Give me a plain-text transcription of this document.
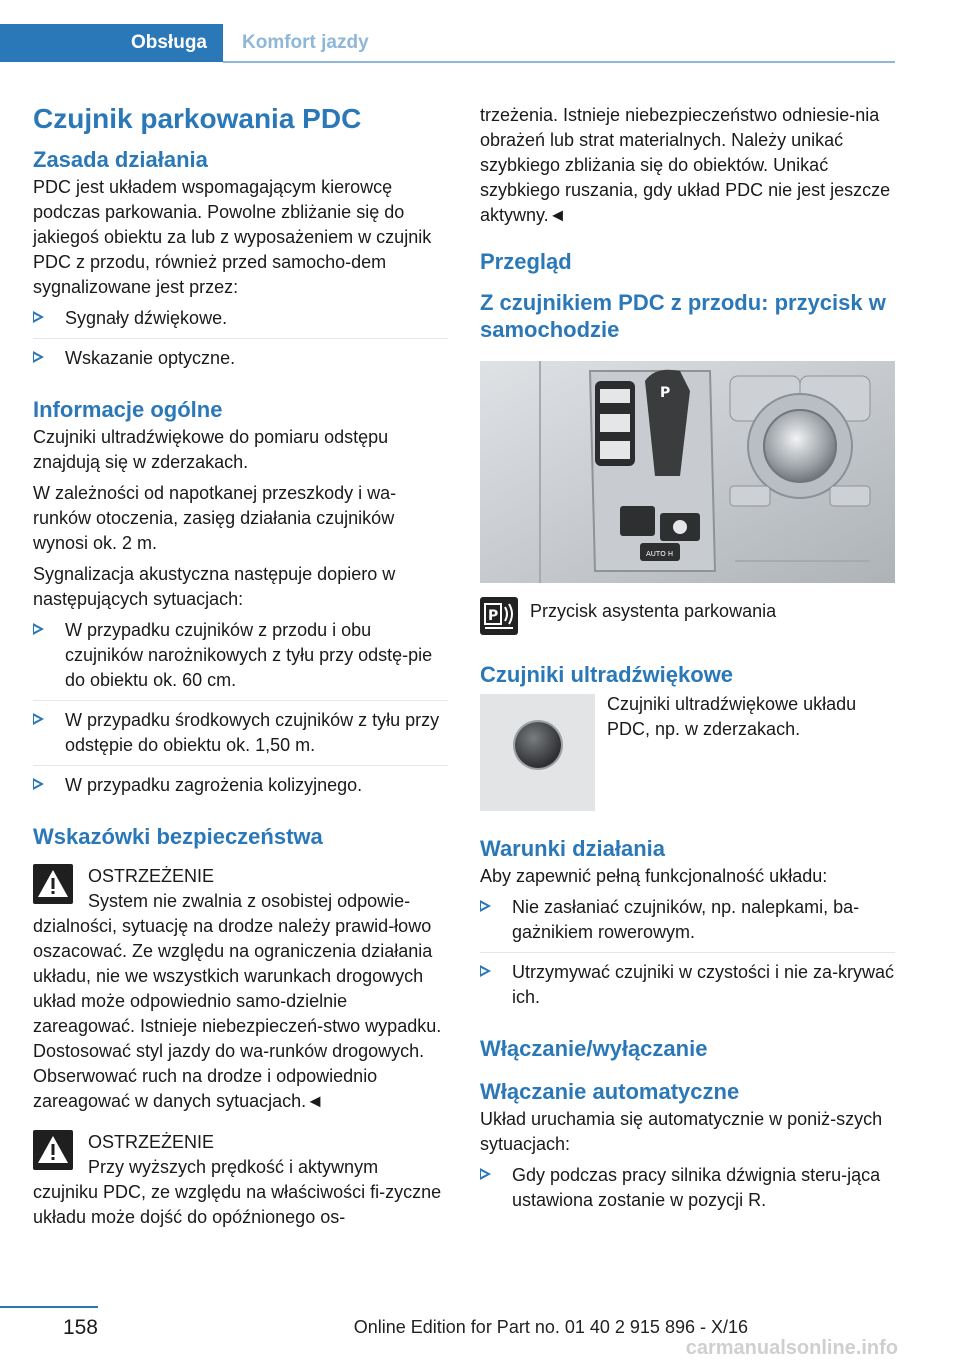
Obsługa	Komfort jazdy
Czujnik parkowania PDC
Zasada działania
PDC jest układem wspomagającym kierowcę podczas parkowania. Powolne zbliżanie się do jakiegoś obiektu za lub z wyposażeniem w czujnik PDC z przodu, również przed samocho-dem sygnalizowane jest przez:
Sygnały dźwiękowe.
Wskazanie optyczne.
Informacje ogólne
Czujniki ultradźwiękowe do pomiaru odstępu znajdują się w zderzakach.
W zależności od napotkanej przeszkody i wa-runków otoczenia, zasięg działania czujników wynosi ok. 2 m.
Sygnalizacja akustyczna następuje dopiero w następujących sytuacjach:
W przypadku czujników z przodu i obu czujników narożnikowych z tyłu przy odstę-pie do obiektu ok. 60 cm.
W przypadku środkowych czujników z tyłu przy odstępie do obiektu ok. 1,50 m.
W przypadku zagrożenia kolizyjnego.
Wskazówki bezpieczeństwa
OSTRZEŻENIE
System nie zwalnia z osobistej odpowie-dzialności, sytuację na drodze należy prawid-łowo oszacować. Ze względu na ograniczenia działania układu, nie we wszystkich warunkach drogowych układ może odpowiednio samo-dzielnie zareagować. Istnieje niebezpieczeń-stwo wypadku. Dostosować styl jazdy do wa-runków drogowych. Obserwować ruch na drodze i odpowiednio zareagować w danych sytuacjach.◄
OSTRZEŻENIE
Przy wyższych prędkość i aktywnym czujniku PDC, ze względu na właściwości fi-zyczne układu może dojść do opóźnionego os-
trzeżenia. Istnieje niebezpieczeństwo odniesie-nia obrażeń lub strat materialnych. Należy unikać szybkiego zbliżania się do obiektów. Unikać szybkiego ruszania, gdy układ PDC nie jest jeszcze aktywny.◄
Przegląd
Z czujnikiem PDC z przodu: przycisk w samochodzie
P
AUTO H
P	Przycisk asystenta parkowania
Czujniki ultradźwiękowe
Czujniki ultradźwiękowe układu PDC, np. w zderzakach.
Warunki działania
Aby zapewnić pełną funkcjonalność układu:
Nie zasłaniać czujników, np. nalepkami, ba-gażnikiem rowerowym.
Utrzymywać czujniki w czystości i nie za-krywać ich.
Włączanie/wyłączanie
Włączanie automatyczne
Układ uruchamia się automatycznie w poniż-szych sytuacjach:
Gdy podczas pracy silnika dźwignia steru-jąca ustawiona zostanie w pozycji R.
158	Online Edition for Part no. 01 40 2 915 896 - X/16
carmanualsonline.info
